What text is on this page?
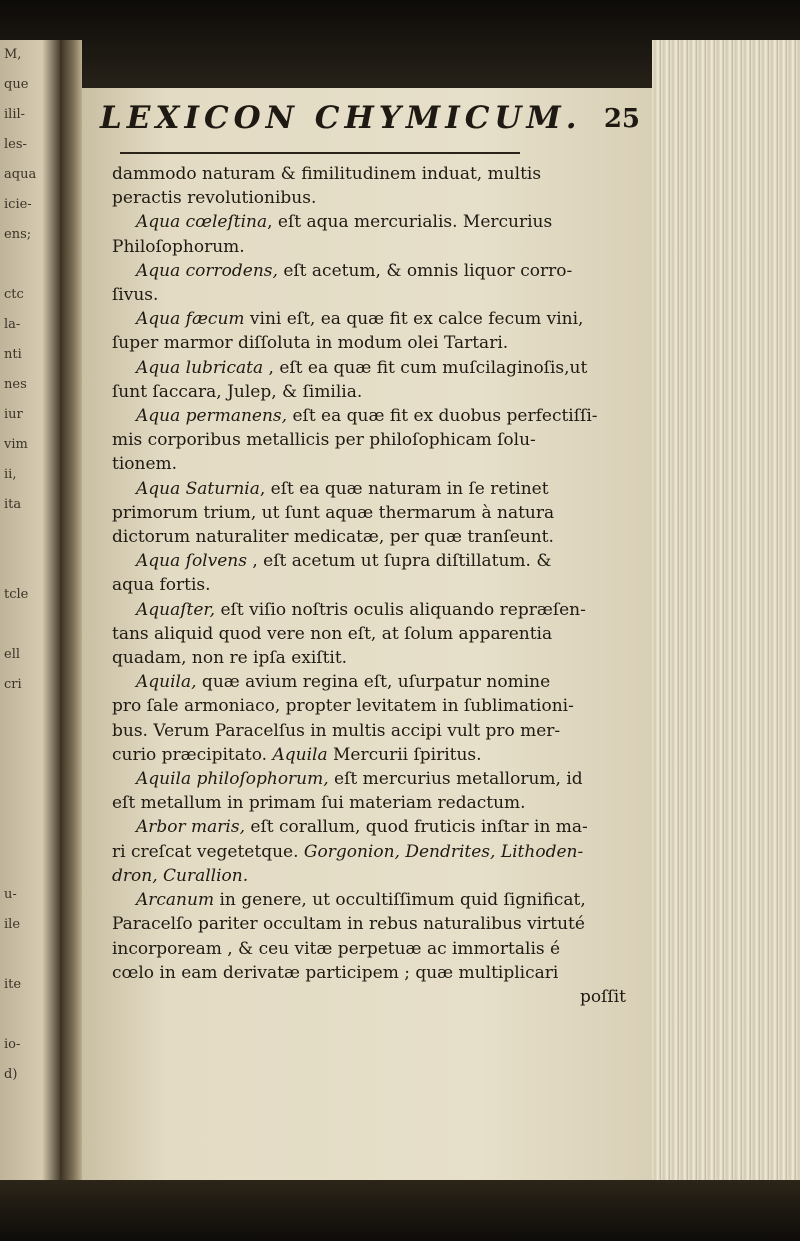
M,
que
ilil-
les-
aqua
icie-
ens;
ctc
la-
nti
nes
iur
vim
ii,
ita
tcle
ell
cri
u-
ile
ite
io-
d)
LEXICON CHYMICUM. 25
dammodo naturam & fimilitudinem induat, multis
peractis revolutionibus.
Aqua cœleſtina, eſt aqua mercurialis. Mercurius
Philoſophorum.
Aqua corrodens, eſt acetum, & omnis liquor corro-
ſivus.
Aqua fæcum vini eſt, ea quæ fit ex calce fecum vini,
ſuper marmor diſſoluta in modum olei Tartari.
Aqua lubricata , eſt ea quæ fit cum muſcilaginoſis,ut
ſunt ſaccara, Julep, & ſimilia.
Aqua permanens, eſt ea quæ fit ex duobus perfectiſſi-
mis corporibus metallicis per philoſophicam ſolu-
tionem.
Aqua Saturnia, eſt ea quæ naturam in ſe retinet
primorum trium, ut ſunt aquæ thermarum à natura
dictorum naturaliter medicatæ, per quæ tranſeunt.
Aqua ſolvens , eſt acetum ut ſupra diſtillatum. &
aqua fortis.
Aquaſter, eſt viſio noſtris oculis aliquando repræſen-
tans aliquid quod vere non eſt, at ſolum apparentia
quadam, non re ipſa exiſtit.
Aquila, quæ avium regina eſt, uſurpatur nomine
pro ſale armoniaco, propter levitatem in ſublimationi-
bus. Verum Paracelſus in multis accipi vult pro mer-
curio præcipitato. Aquila Mercurii ſpiritus.
Aquila philoſophorum, eſt mercurius metallorum, id
eſt metallum in primam ſui materiam redactum.
Arbor maris, eſt corallum, quod fruticis inſtar in ma-
ri creſcat vegetetque. Gorgonion, Dendrites, Lithoden-
dron, Curallion.
Arcanum in genere, ut occultiſſimum quid ſignificat,
Paracelſo pariter occultam in rebus naturalibus virtuté
incorpoream , & ceu vitæ perpetuæ ac immortalis é
cœlo in eam derivatæ participem ; quæ multiplicari
poſſit
